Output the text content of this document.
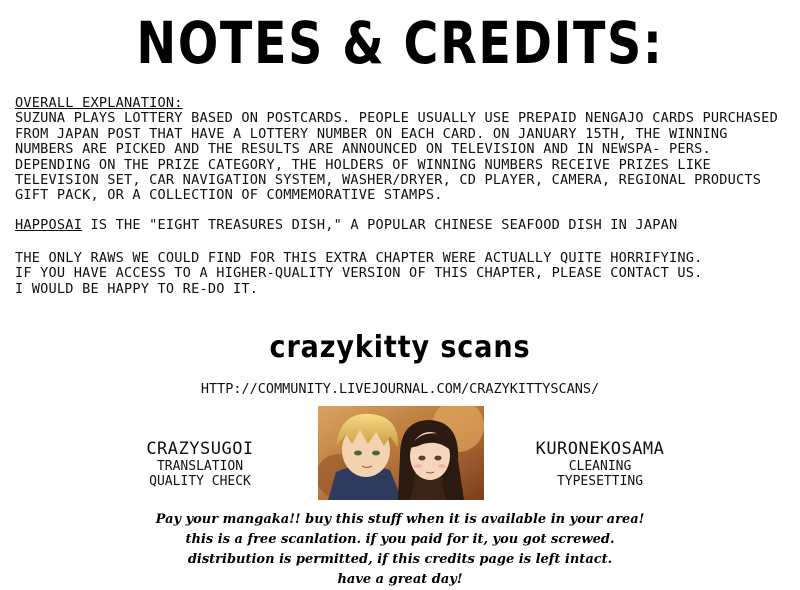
NOTES & CREDITS:
OVERALL EXPLANATION:
SUZUNA PLAYS LOTTERY BASED ON POSTCARDS. PEOPLE USUALLY USE PREPAID NENGAJO CARDS PURCHASED FROM JAPAN POST THAT HAVE A LOTTERY NUMBER ON EACH CARD. ON JANUARY 15TH, THE WINNING NUMBERS ARE PICKED AND THE RESULTS ARE ANNOUNCED ON TELEVISION AND IN NEWSPA- PERS. DEPENDING ON THE PRIZE CATEGORY, THE HOLDERS OF WINNING NUMBERS RECEIVE PRIZES LIKE TELEVISION SET, CAR NAVIGATION SYSTEM, WASHER/DRYER, CD PLAYER, CAMERA, REGIONAL PRODUCTS GIFT PACK, OR A COLLECTION OF COMMEMORATIVE STAMPS.
HAPPOSAI IS THE "EIGHT TREASURES DISH," A POPULAR CHINESE SEAFOOD DISH IN JAPAN
THE ONLY RAWS WE COULD FIND FOR THIS EXTRA CHAPTER WERE ACTUALLY QUITE HORRIFYING.
IF YOU HAVE ACCESS TO A HIGHER-QUALITY VERSION OF THIS CHAPTER, PLEASE CONTACT US.
I WOULD BE HAPPY TO RE-DO IT.
crazykitty scans
HTTP://COMMUNITY.LIVEJOURNAL.COM/CRAZYKITTYSCANS/
CRAZYSUGOI
TRANSLATION
QUALITY CHECK
KURONEKOSAMA
CLEANING
TYPESETTING
Pay your mangaka!! buy this stuff when it is available in your area!
this is a free scanlation. if you paid for it, you got screwed.
distribution is permitted, if this credits page is left intact.
have a great day!
